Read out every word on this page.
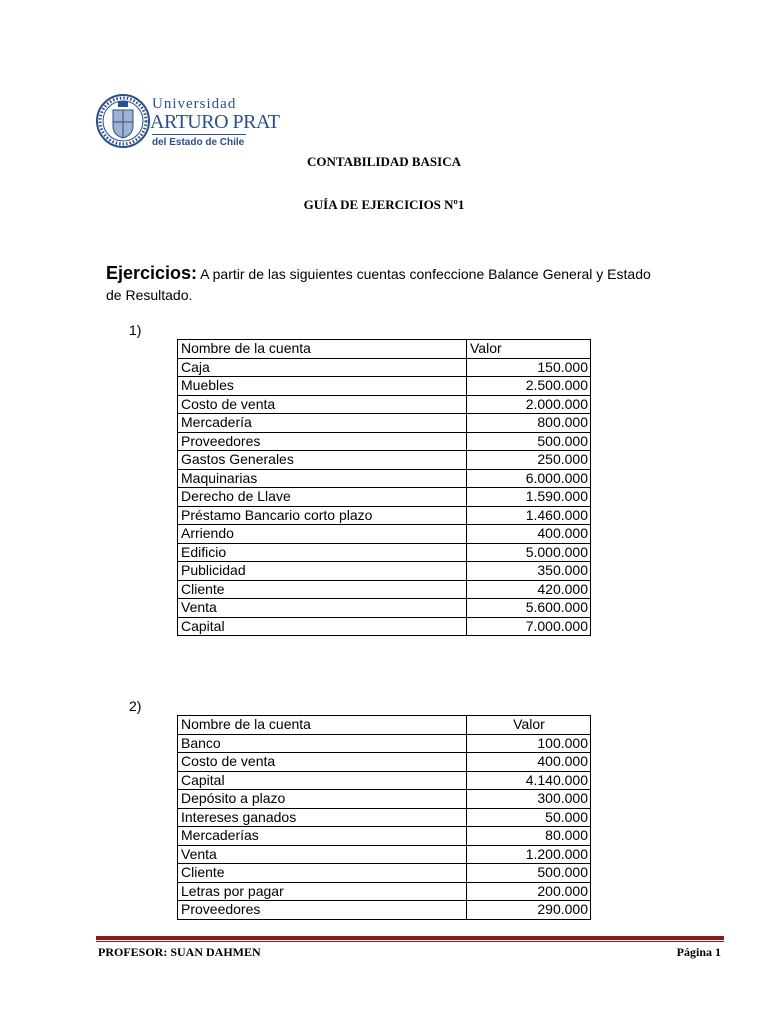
Universidad
ARTURO PRAT
del Estado de Chile
CONTABILIDAD BASICA
GUÍA DE EJERCICIOS Nº1
Ejercicios: A partir de las siguientes cuentas confeccione Balance General y Estado de Resultado.
1)
Nombre de la cuenta	Valor
Caja	150.000
Muebles	2.500.000
Costo de venta	2.000.000
Mercadería	800.000
Proveedores	500.000
Gastos Generales	250.000
Maquinarias	6.000.000
Derecho de Llave	1.590.000
Préstamo Bancario corto plazo	1.460.000
Arriendo	400.000
Edificio	5.000.000
Publicidad	350.000
Cliente	420.000
Venta	5.600.000
Capital	7.000.000
2)
Nombre de la cuenta	Valor
Banco	100.000
Costo de venta	400.000
Capital	4.140.000
Depósito a plazo	300.000
Intereses ganados	50.000
Mercaderías	80.000
Venta	1.200.000
Cliente	500.000
Letras por pagar	200.000
Proveedores	290.000
PROFESOR: SUAN DAHMEN	Página 1
